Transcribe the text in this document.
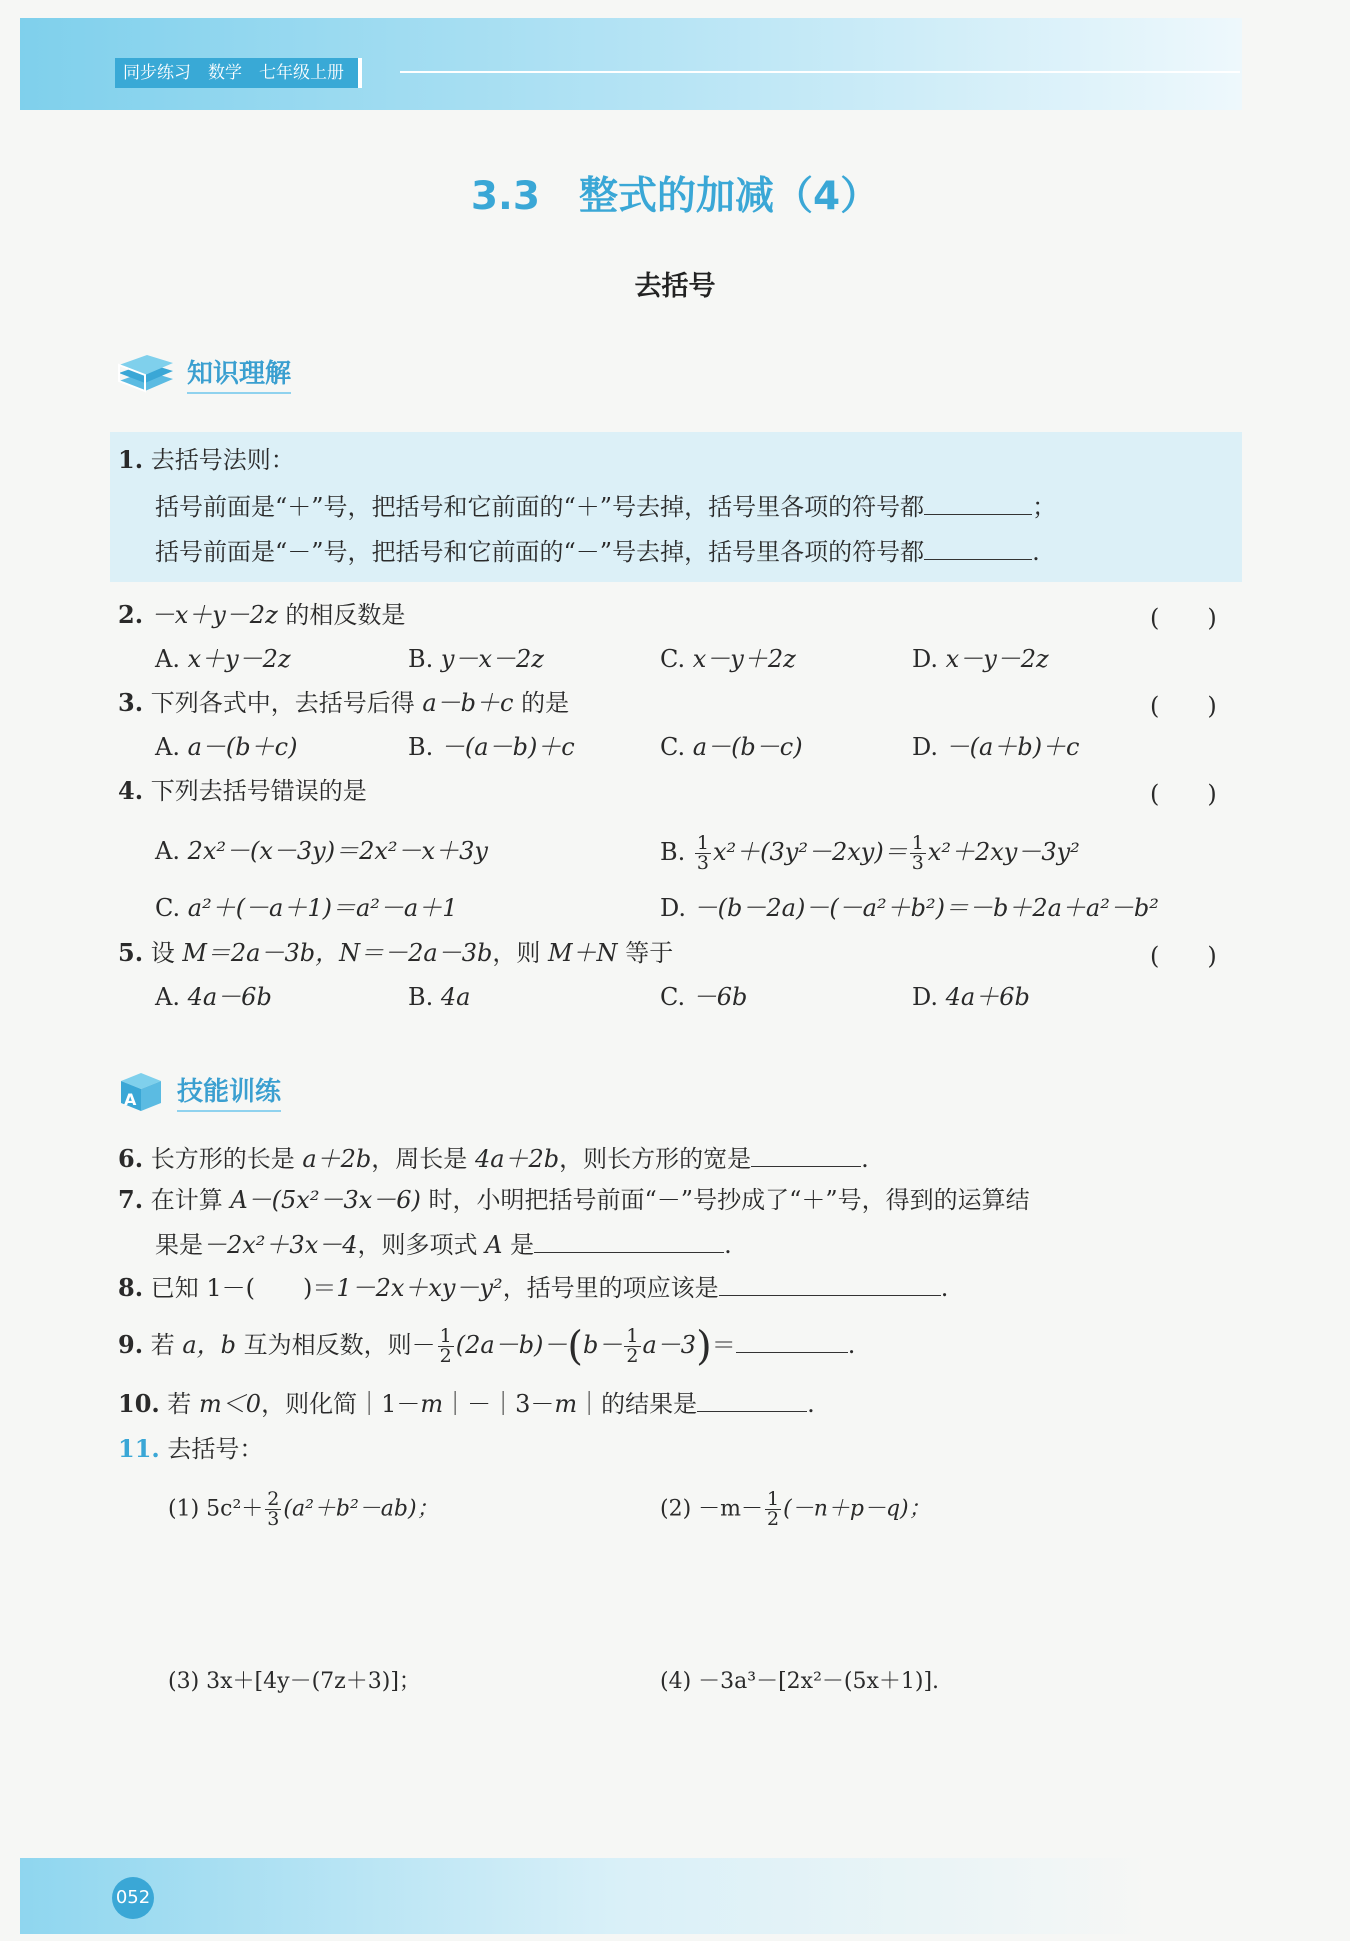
同步练习　数学　七年级上册
3.3　整式的加减（4）
去括号
知识理解
1. 去括号法则：
括号前面是“＋”号，把括号和它前面的“＋”号去掉，括号里各项的符号都	；
括号前面是“－”号，把括号和它前面的“－”号去掉，括号里各项的符号都	.
2. －x＋y－2z 的相反数是	(　　)
A. x＋y－2z	B. y－x－2z	C. x－y＋2z	D. x－y－2z
3. 下列各式中，去括号后得 a－b＋c 的是	(　　)
A. a－(b＋c)	B. －(a－b)＋c	C. a－(b－c)	D. －(a＋b)＋c
4. 下列去括号错误的是	(　　)
A. 2x²－(x－3y)＝2x²－x＋3y	B. $\frac{1}{3} x^2+(3y^2-2xy)= \frac{1}{3} x^2+2xy-3y^2$
C. a²＋(－a＋1)＝a²－a＋1	D. －(b－2a)－(－a²＋b²)＝－b＋2a＋a²－b²
5. 设 M＝2a－3b，N＝－2a－3b，则 M＋N 等于	(　　)
A. 4a－6b	B. 4a	C. －6b	D. 4a＋6b
A 技能训练
6. 长方形的长是 a＋2b，周长是 4a＋2b，则长方形的宽是	.
7. 在计算 A－(5x²－3x－6) 时，小明把括号前面“－”号抄成了“＋”号，得到的运算结
果是－2x²＋3x－4，则多项式 A 是	.
8. 已知 1－(　　)＝1－2x＋xy－y²，括号里的项应该是	.
9. 若 a，b 互为相反数，则－ $\frac{1}{2} (2a-b)-(b- \frac{1}{2} a-3)=$	.
10. 若 m＜0，则化简｜1－m｜－｜3－m｜的结果是	.
11. 去括号：
(1) $5c^2+ \frac{2}{3} (a^2+b^2-ab)$；	$(2) -m- \frac{1}{2} (-n+p-q)$；
(3) 3x＋[4y－(7z＋3)]；	(4) －3a³－[2x²－(5x＋1)].
052
